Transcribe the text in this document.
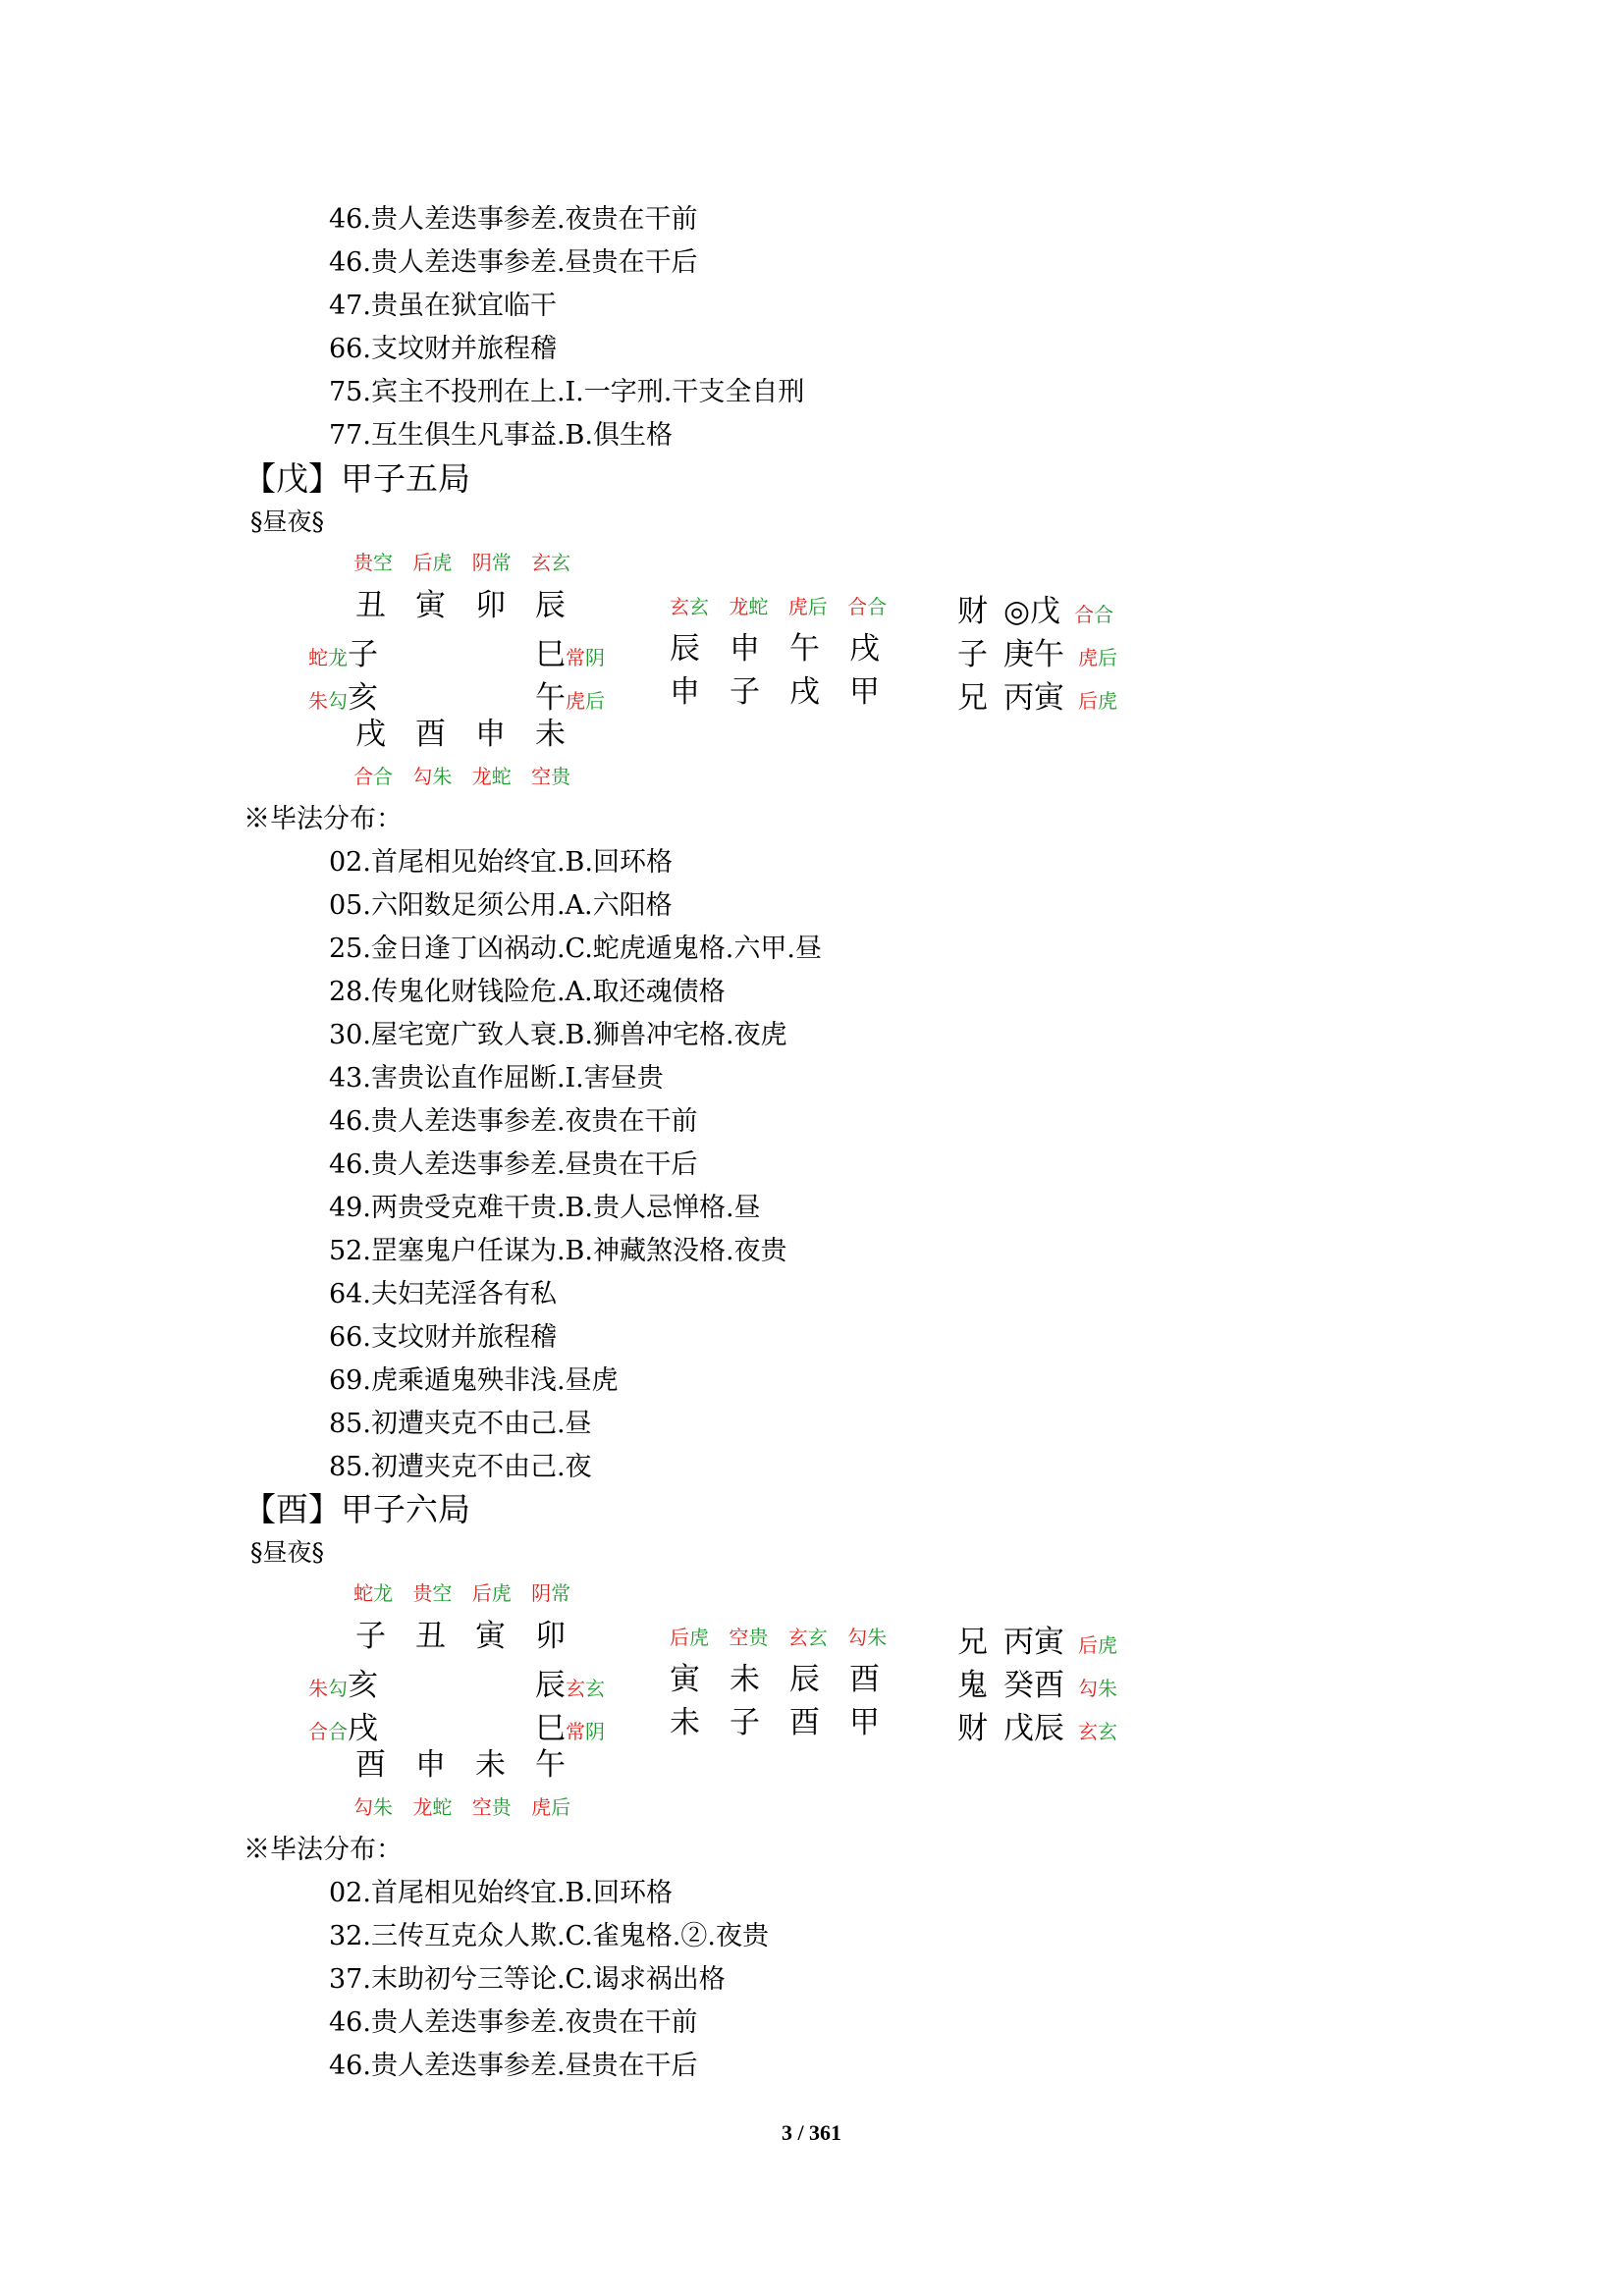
46.贵人差迭事参差.夜贵在干前
46.贵人差迭事参差.昼贵在干后
47.贵虽在狱宜临干
66.支坟财并旅程稽
75.宾主不投刑在上.Ⅰ.一字刑.干支全自刑
77.互生俱生凡事益.B.俱生格
【戊】甲子五局
§昼夜§
贵空 后虎 阴常 玄玄
丑 寅 卯 辰
蛇龙子
朱勾亥
巳常阴
午虎后
戌 酉 申 未
合合 勾朱 龙蛇 空贵
玄玄 龙蛇 虎后 合合
辰 申 午 戌
申 子 戌 甲
财 ◎戊 合合
子 庚午 虎后
兄 丙寅 后虎
※毕法分布：
02.首尾相见始终宜.B.回环格
05.六阳数足须公用.A.六阳格
25.金日逢丁凶祸动.C.蛇虎遁鬼格.六甲.昼
28.传鬼化财钱险危.A.取还魂债格
30.屋宅宽广致人衰.B.狮兽冲宅格.夜虎
43.害贵讼直作屈断.Ⅰ.害昼贵
46.贵人差迭事参差.夜贵在干前
46.贵人差迭事参差.昼贵在干后
49.两贵受克难干贵.B.贵人忌惮格.昼
52.罡塞鬼户任谋为.B.神藏煞没格.夜贵
64.夫妇芜淫各有私
66.支坟财并旅程稽
69.虎乘遁鬼殃非浅.昼虎
85.初遭夹克不由己.昼
85.初遭夹克不由己.夜
【酉】甲子六局
§昼夜§
蛇龙 贵空 后虎 阴常
子 丑 寅 卯
朱勾亥
合合戌
辰玄玄
巳常阴
酉 申 未 午
勾朱 龙蛇 空贵 虎后
后虎 空贵 玄玄 勾朱
寅 未 辰 酉
未 子 酉 甲
兄 丙寅 后虎
鬼 癸酉 勾朱
财 戊辰 玄玄
※毕法分布：
02.首尾相见始终宜.B.回环格
32.三传互克众人欺.C.雀鬼格.②.夜贵
37.末助初兮三等论.C.谒求祸出格
46.贵人差迭事参差.夜贵在干前
46.贵人差迭事参差.昼贵在干后
3 / 361
